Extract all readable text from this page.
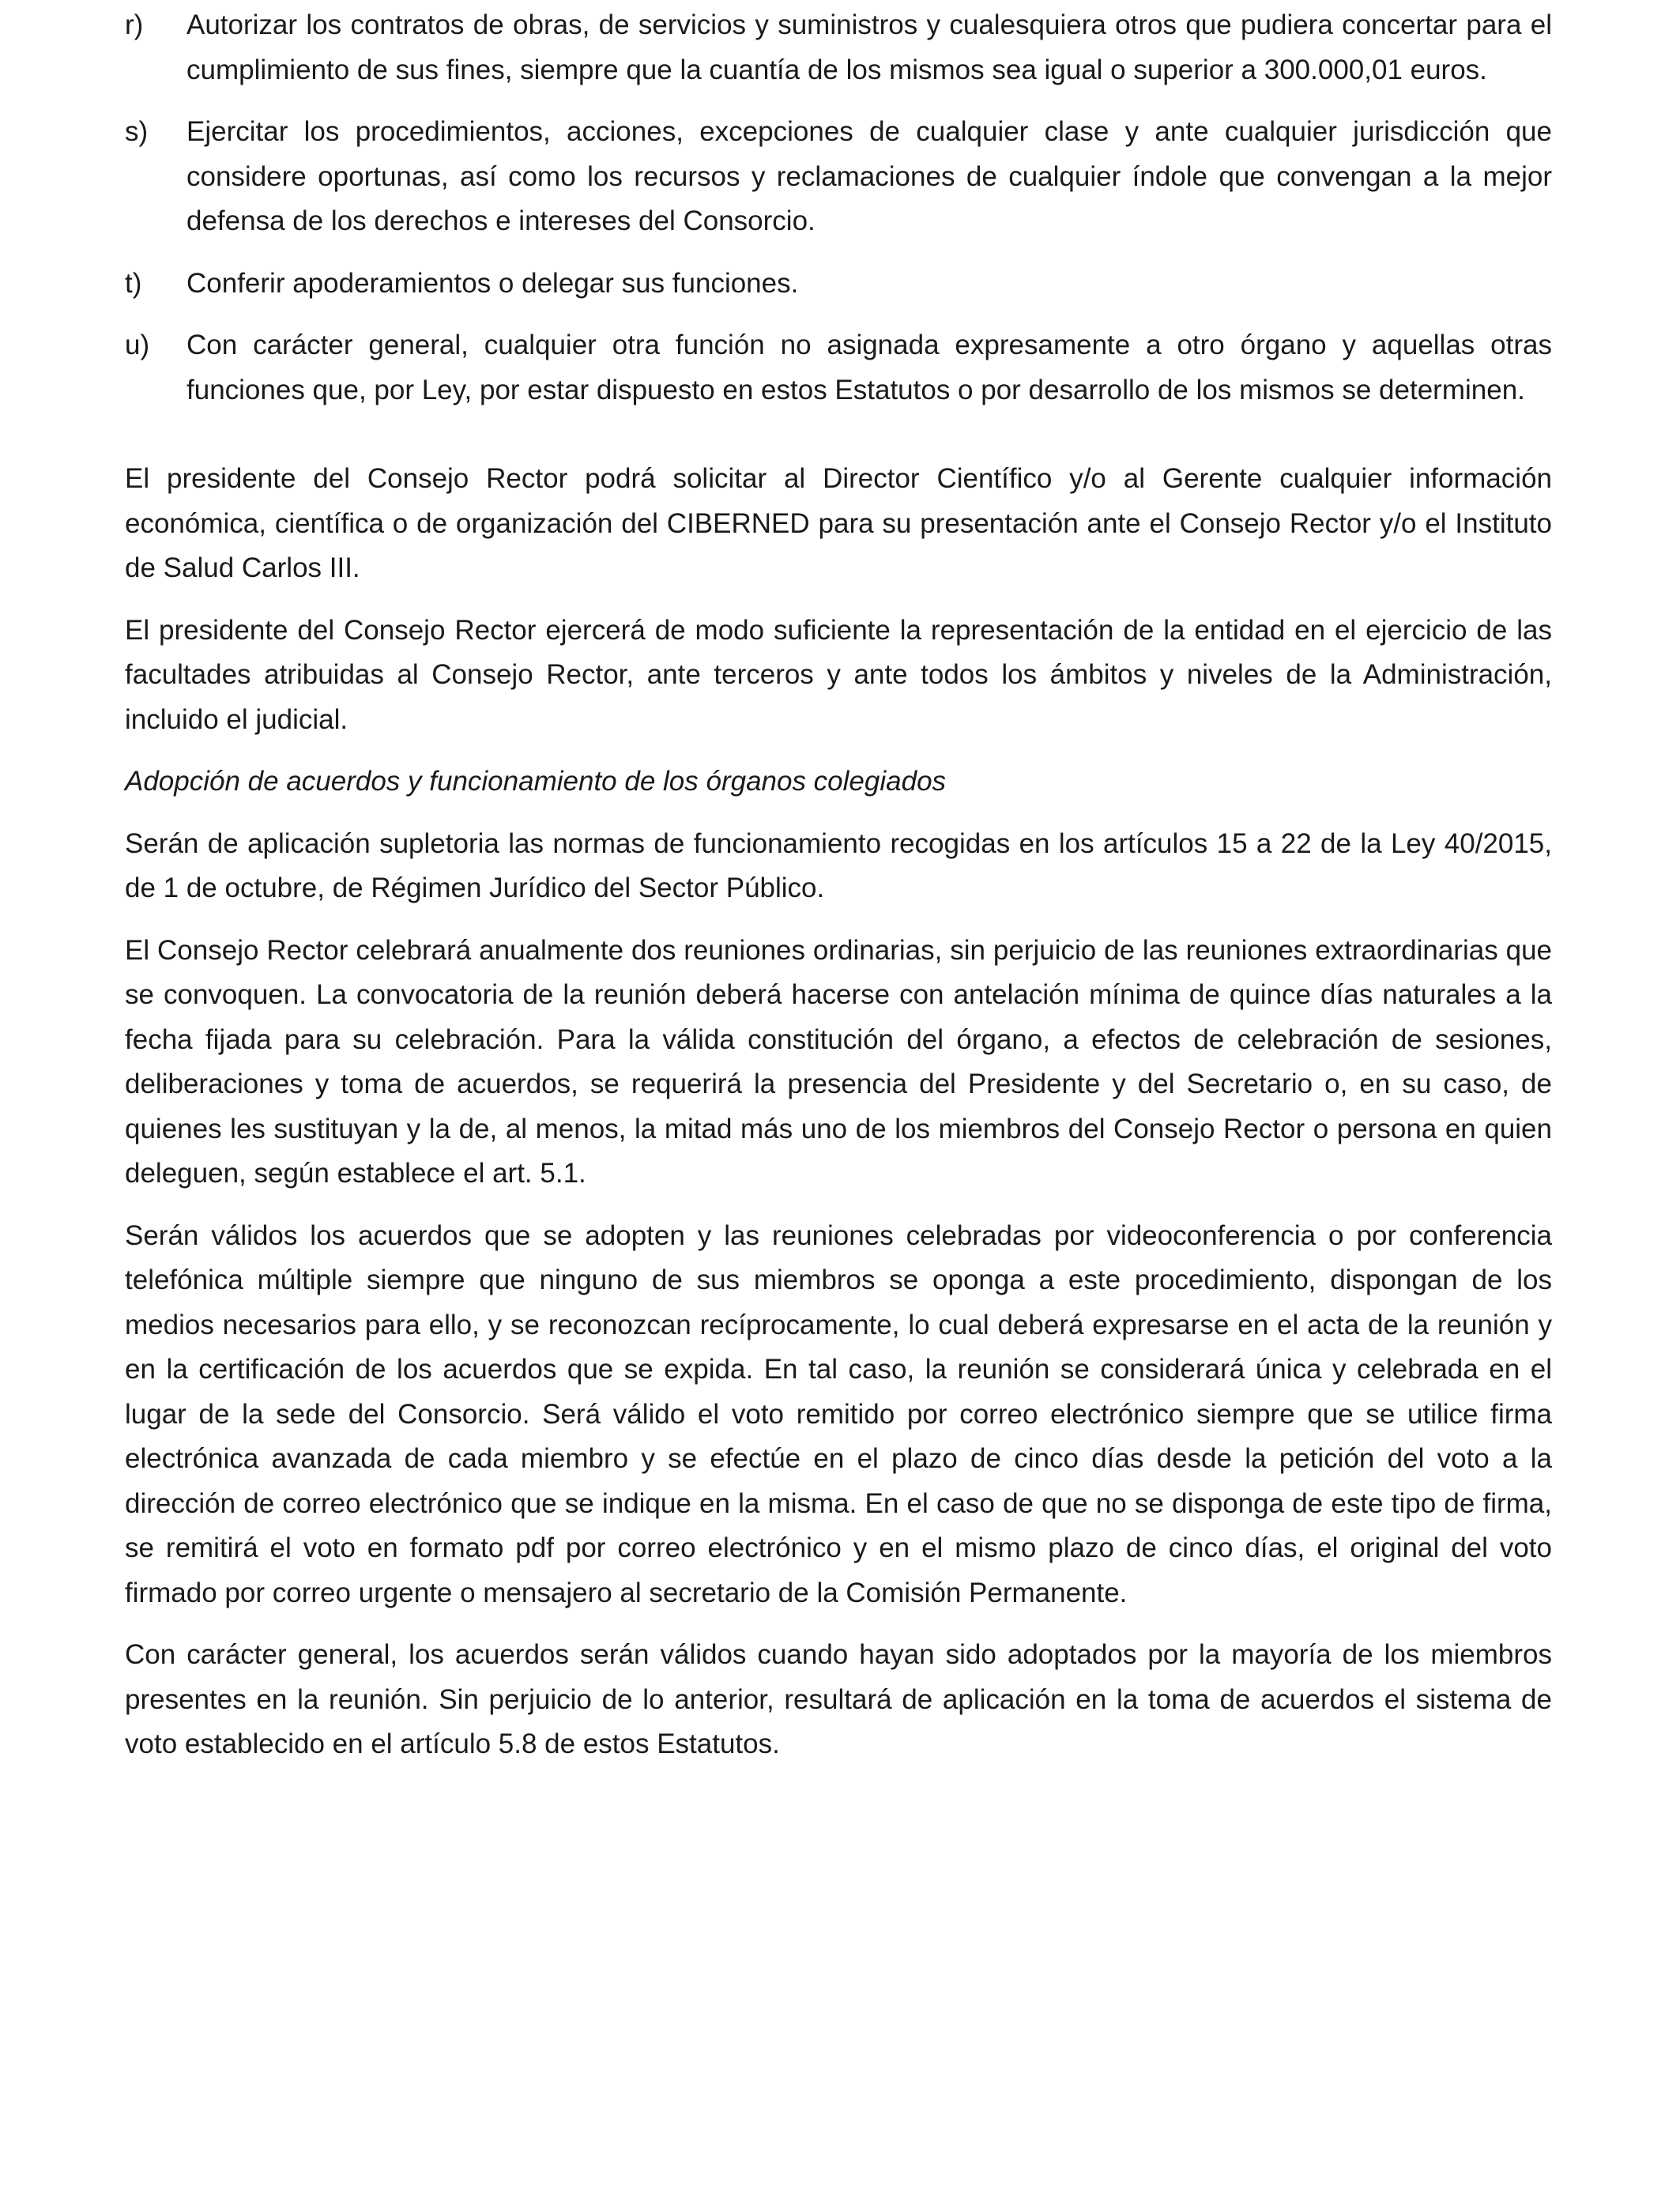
r)	Autorizar los contratos de obras, de servicios y suministros y cualesquiera otros que pudiera concertar para el cumplimiento de sus fines, siempre que la cuantía de los mismos sea igual o superior a 300.000,01 euros.
s)	Ejercitar los procedimientos, acciones, excepciones de cualquier clase y ante cualquier jurisdicción que considere oportunas, así como los recursos y reclamaciones de cualquier índole que convengan a la mejor defensa de los derechos e intereses del Consorcio.
t)	Conferir apoderamientos o delegar sus funciones.
u)	Con carácter general, cualquier otra función no asignada expresamente a otro órgano y aquellas otras funciones que, por Ley, por estar dispuesto en estos Estatutos o por desarrollo de los mismos se determinen.

El presidente del Consejo Rector podrá solicitar al Director Científico y/o al Gerente cualquier información económica, científica o de organización del CIBERNED para su presentación ante el Consejo Rector y/o el Instituto de Salud Carlos III.

El presidente del Consejo Rector ejercerá de modo suficiente la representación de la entidad en el ejercicio de las facultades atribuidas al Consejo Rector, ante terceros y ante todos los ámbitos y niveles de la Administración, incluido el judicial.

Adopción de acuerdos y funcionamiento de los órganos colegiados

Serán de aplicación supletoria las normas de funcionamiento recogidas en los artículos 15 a 22 de la Ley 40/2015, de 1 de octubre, de Régimen Jurídico del Sector Público.

El Consejo Rector celebrará anualmente dos reuniones ordinarias, sin perjuicio de las reuniones extraordinarias que se convoquen. La convocatoria de la reunión deberá hacerse con antelación mínima de quince días naturales a la fecha fijada para su celebración. Para la válida constitución del órgano, a efectos de celebración de sesiones, deliberaciones y toma de acuerdos, se requerirá la presencia del Presidente y del Secretario o, en su caso, de quienes les sustituyan y la de, al menos, la mitad más uno de los miembros del Consejo Rector o persona en quien deleguen, según establece el art. 5.1.

Serán válidos los acuerdos que se adopten y las reuniones celebradas por videoconferencia o por conferencia telefónica múltiple siempre que ninguno de sus miembros se oponga a este procedimiento, dispongan de los medios necesarios para ello, y se reconozcan recíprocamente, lo cual deberá expresarse en el acta de la reunión y en la certificación de los acuerdos que se expida. En tal caso, la reunión se considerará única y celebrada en el lugar de la sede del Consorcio. Será válido el voto remitido por correo electrónico siempre que se utilice firma electrónica avanzada de cada miembro y se efectúe en el plazo de cinco días desde la petición del voto a la dirección de correo electrónico que se indique en la misma. En el caso de que no se disponga de este tipo de firma, se remitirá el voto en formato pdf por correo electrónico y en el mismo plazo de cinco días, el original del voto firmado por correo urgente o mensajero al secretario de la Comisión Permanente.

Con carácter general, los acuerdos serán válidos cuando hayan sido adoptados por la mayoría de los miembros presentes en la reunión. Sin perjuicio de lo anterior, resultará de aplicación en la toma de acuerdos el sistema de voto establecido en el artículo 5.8 de estos Estatutos.
